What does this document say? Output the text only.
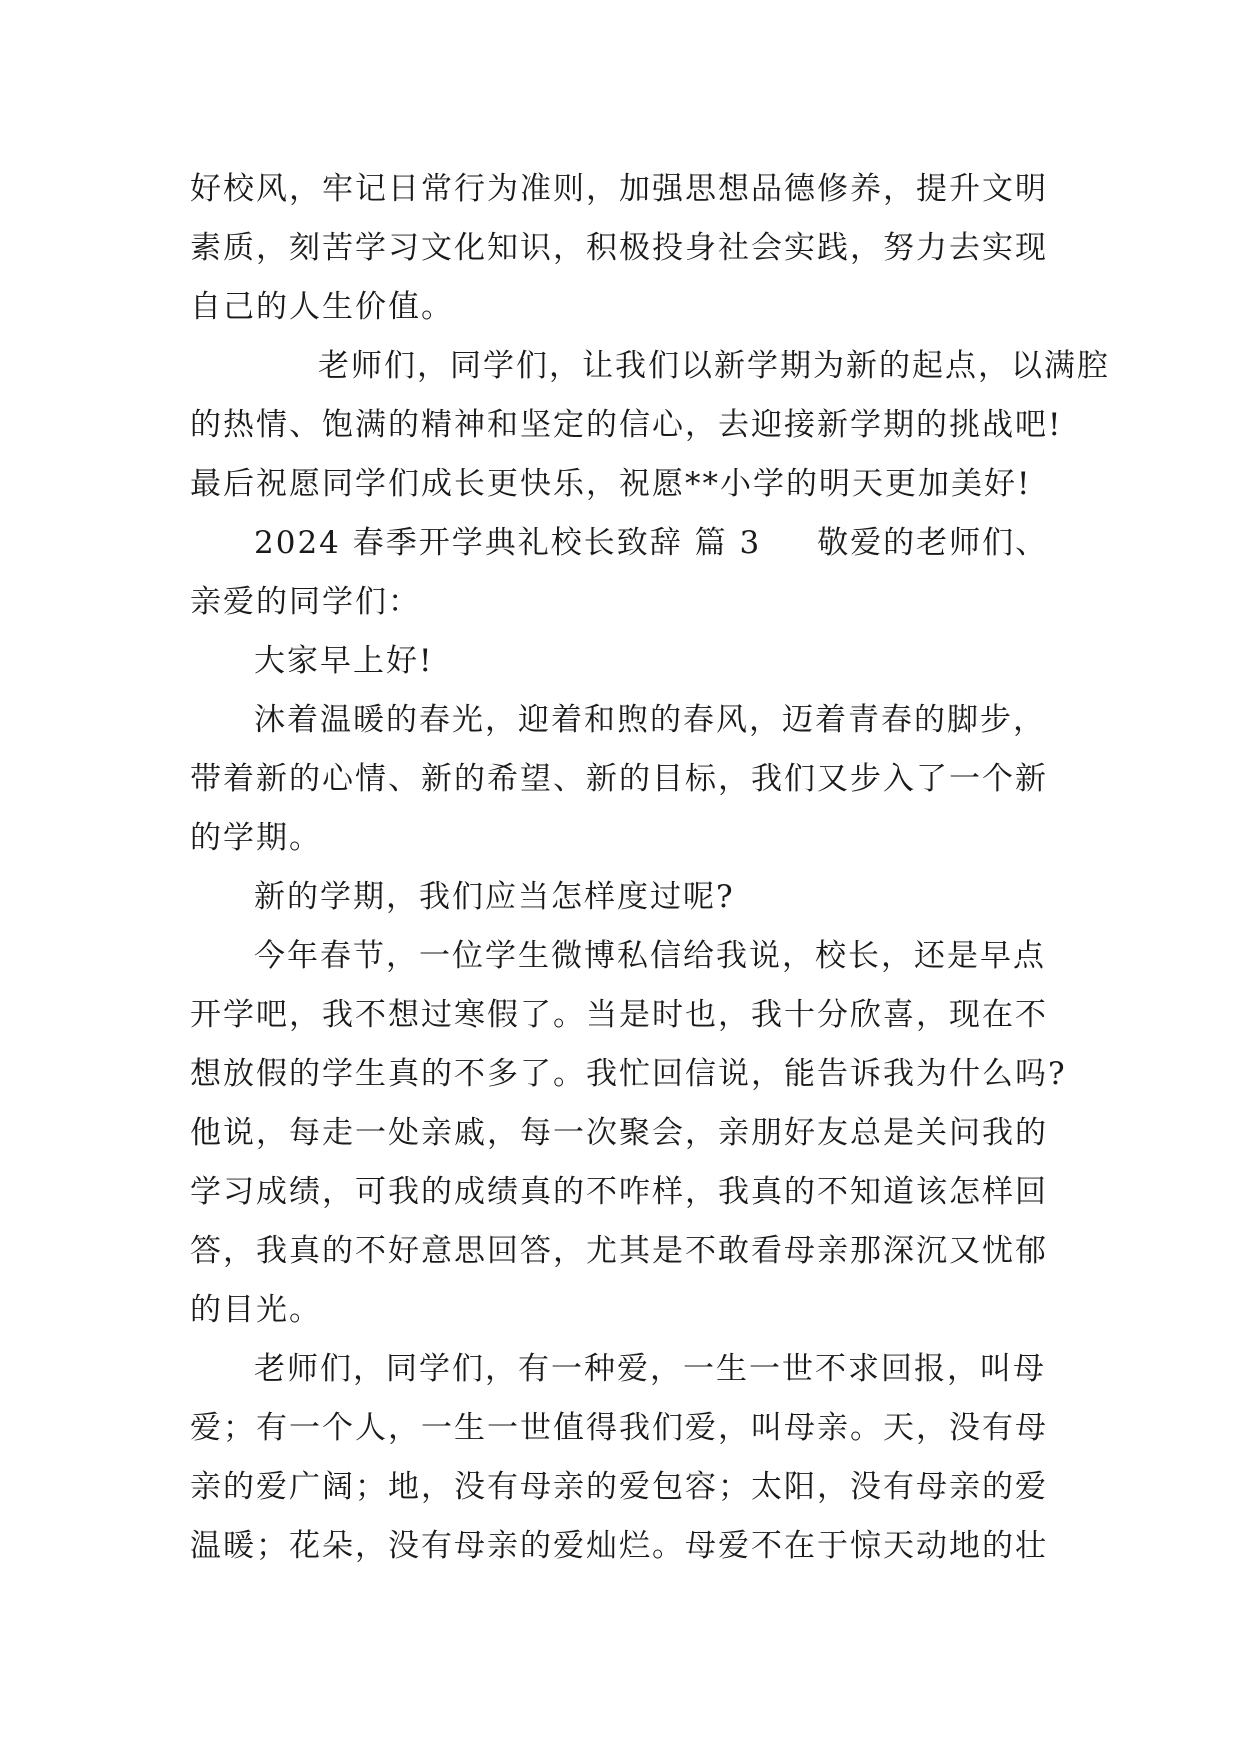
好校风，牢记日常行为准则，加强思想品德修养，提升文明
素质，刻苦学习文化知识，积极投身社会实践，努力去实现
自己的人生价值。

老师们，同学们，让我们以新学期为新的起点，以满腔
的热情、饱满的精神和坚定的信心，去迎接新学期的挑战吧!
最后祝愿同学们成长更快乐，祝愿**小学的明天更加美好!

2024 春季开学典礼校长致辞 篇 3 敬爱的老师们、
亲爱的同学们：

大家早上好!

沐着温暖的春光，迎着和煦的春风，迈着青春的脚步，
带着新的心情、新的希望、新的目标，我们又步入了一个新
的学期。

新的学期，我们应当怎样度过呢?

今年春节，一位学生微博私信给我说，校长，还是早点
开学吧，我不想过寒假了。当是时也，我十分欣喜，现在不
想放假的学生真的不多了。我忙回信说，能告诉我为什么吗?
他说，每走一处亲戚，每一次聚会，亲朋好友总是关问我的
学习成绩，可我的成绩真的不咋样，我真的不知道该怎样回
答，我真的不好意思回答，尤其是不敢看母亲那深沉又忧郁
的目光。

老师们，同学们，有一种爱，一生一世不求回报，叫母
爱；有一个人，一生一世值得我们爱，叫母亲。天，没有母
亲的爱广阔；地，没有母亲的爱包容；太阳，没有母亲的爱
温暖；花朵，没有母亲的爱灿烂。母爱不在于惊天动地的壮
